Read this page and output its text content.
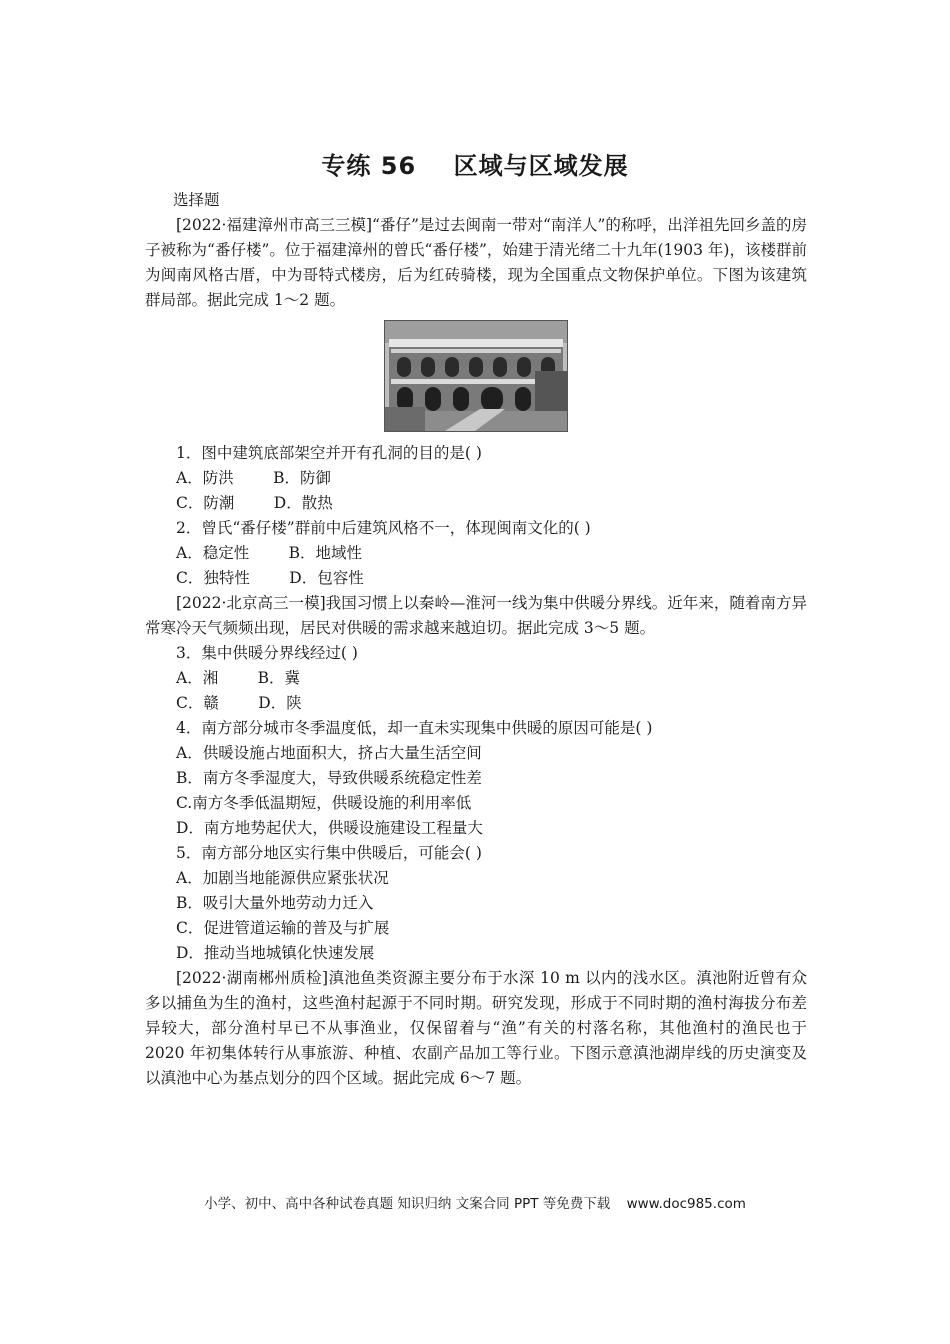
专练 56    区域与区域发展

选择题

[2022·福建漳州市高三三模]“番仔”是过去闽南一带对“南洋人”的称呼，出洋祖先回乡盖的房子被称为“番仔楼”。位于福建漳州的曾氏“番仔楼”，始建于清光绪二十九年(1903 年)，该楼群前为闽南风格古厝，中为哥特式楼房，后为红砖骑楼，现为全国重点文物保护单位。下图为该建筑群局部。据此完成 1～2 题。

1．图中建筑底部架空并开有孔洞的目的是( )

A．防洪        B．防御

C．防潮        D．散热

2．曾氏“番仔楼”群前中后建筑风格不一，体现闽南文化的( )

A．稳定性        B．地域性

C．独特性        D．包容性

[2022·北京高三一模]我国习惯上以秦岭—淮河一线为集中供暖分界线。近年来，随着南方异常寒冷天气频频出现，居民对供暖的需求越来越迫切。据此完成 3～5 题。

3．集中供暖分界线经过( )

A．湘        B．冀

C．赣        D．陕

4．南方部分城市冬季温度低，却一直未实现集中供暖的原因可能是( )

A．供暖设施占地面积大，挤占大量生活空间

B．南方冬季湿度大，导致供暖系统稳定性差

C.南方冬季低温期短，供暖设施的利用率低

D．南方地势起伏大，供暖设施建设工程量大

5．南方部分地区实行集中供暖后，可能会( )

A．加剧当地能源供应紧张状况

B．吸引大量外地劳动力迁入

C．促进管道运输的普及与扩展

D．推动当地城镇化快速发展

[2022·湖南郴州质检]滇池鱼类资源主要分布于水深 10 m 以内的浅水区。滇池附近曾有众多以捕鱼为生的渔村，这些渔村起源于不同时期。研究发现，形成于不同时期的渔村海拔分布差异较大，部分渔村早已不从事渔业，仅保留着与“渔”有关的村落名称，其他渔村的渔民也于 2020 年初集体转行从事旅游、种植、农副产品加工等行业。下图示意滇池湖岸线的历史演变及以滇池中心为基点划分的四个区域。据此完成 6～7 题。

小学、初中、高中各种试卷真题 知识归纳 文案合同 PPT 等免费下载 www.doc985.com
